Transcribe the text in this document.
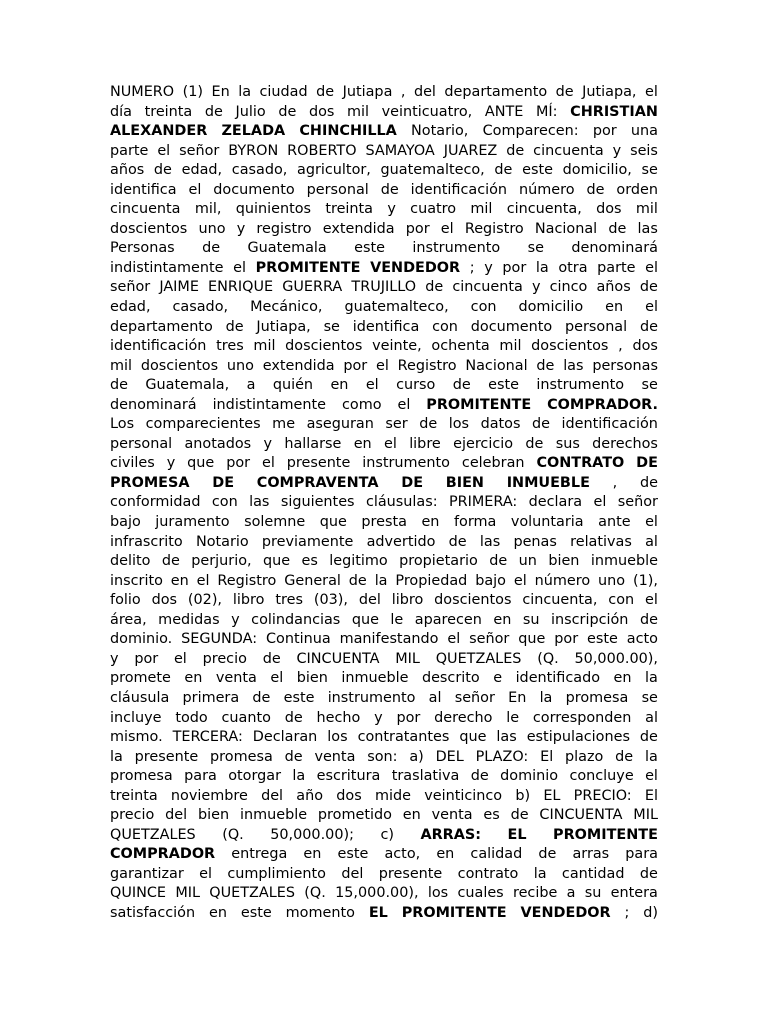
NUMERO (1) En la ciudad de Jutiapa , del departamento de Jutiapa, el
día treinta de Julio de dos mil veinticuatro, ANTE MÍ: CHRISTIAN
ALEXANDER ZELADA CHINCHILLA Notario, Comparecen: por una
parte el señor BYRON ROBERTO SAMAYOA JUAREZ de cincuenta y seis
años de edad, casado, agricultor, guatemalteco, de este domicilio, se
identifica el documento personal de identificación número de orden
cincuenta mil, quinientos treinta y cuatro mil cincuenta, dos mil
doscientos uno y registro extendida por el Registro Nacional de las
Personas de Guatemala este instrumento se denominará
indistintamente el PROMITENTE VENDEDOR ; y por la otra parte el
señor JAIME ENRIQUE GUERRA TRUJILLO de cincuenta y cinco años de
edad, casado, Mecánico, guatemalteco, con domicilio en el
departamento de Jutiapa, se identifica con documento personal de
identificación tres mil doscientos veinte, ochenta mil doscientos , dos
mil doscientos uno extendida por el Registro Nacional de las personas
de Guatemala, a quién en el curso de este instrumento se
denominará indistintamente como el PROMITENTE COMPRADOR.
Los comparecientes me aseguran ser de los datos de identificación
personal anotados y hallarse en el libre ejercicio de sus derechos
civiles y que por el presente instrumento celebran CONTRATO DE
PROMESA DE COMPRAVENTA DE BIEN INMUEBLE , de
conformidad con las siguientes cláusulas: PRIMERA: declara el señor
bajo juramento solemne que presta en forma voluntaria ante el
infrascrito Notario previamente advertido de las penas relativas al
delito de perjurio, que es legitimo propietario de un bien inmueble
inscrito en el Registro General de la Propiedad bajo el número uno (1),
folio dos (02), libro tres (03), del libro doscientos cincuenta, con el
área, medidas y colindancias que le aparecen en su inscripción de
dominio. SEGUNDA: Continua manifestando el señor que por este acto
y por el precio de CINCUENTA MIL QUETZALES (Q. 50,000.00),
promete en venta el bien inmueble descrito e identificado en la
cláusula primera de este instrumento al señor En la promesa se
incluye todo cuanto de hecho y por derecho le corresponden al
mismo. TERCERA: Declaran los contratantes que las estipulaciones de
la presente promesa de venta son: a) DEL PLAZO: El plazo de la
promesa para otorgar la escritura traslativa de dominio concluye el
treinta noviembre del año dos mide veinticinco b) EL PRECIO: El
precio del bien inmueble prometido en venta es de CINCUENTA MIL
QUETZALES (Q. 50,000.00); c) ARRAS: EL PROMITENTE
COMPRADOR entrega en este acto, en calidad de arras para
garantizar el cumplimiento del presente contrato la cantidad de
QUINCE MIL QUETZALES (Q. 15,000.00), los cuales recibe a su entera
satisfacción en este momento EL PROMITENTE VENDEDOR ; d)
